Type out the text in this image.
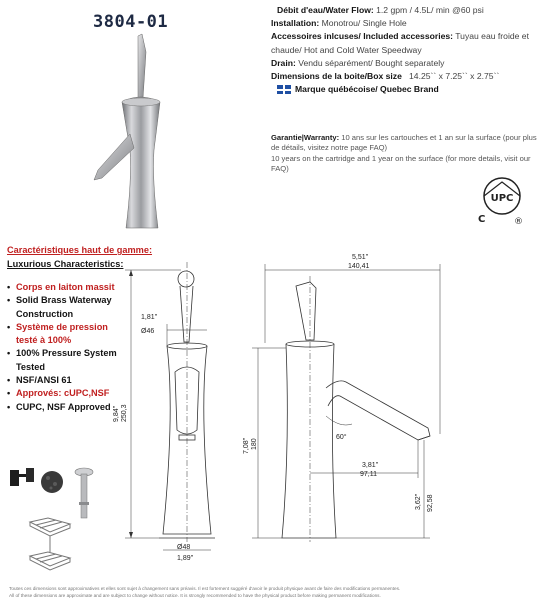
3804-01
Débit d'eau/Water Flow: 1.2 gpm / 4.5L/ min @60 psi
Installation: Monotrou/ Single Hole
Accessoires inlcuses/ Included accessories: Tuyau eau froide et chaude/ Hot and Cold Water Speedway
Drain: Vendu séparément/ Bought separately
Dimensions de la boite/Box size 14.25`` x 7.25`` x 2.75``
Marque québécoise/ Quebec Brand
Garantie|Warranty: 10 ans sur les cartouches et 1 an sur la surface (pour plus de détails, visitez notre page FAQ)
10 years on the cartridge and 1 year on the surface (for more details, visit our FAQ)
UPC
C	®
Caractéristiques haut de gamme:
Luxurious Characteristics:
• Corps en laiton massit
• Solid Brass Waterway Construction
• Système de pression testé à 100%
• 100% Pressure System Tested
• NSF/ANSI 61
• Approvés: cUPC,NSF
• CUPC, NSF Approved
1,81''
Ø46
9,84'' 250,3
Ø48
1,89''
5,51''
140,41
60°
7,08'' 180
3,81''
97,11
3,62'' 92,58
Toutes ces dimensions sont approximatives et elles sont sujet à changement sans préavis. Il est fortement suggéré d'avoir le produit physique avant de faire des modifications permanentes.
All of these dimensions are approximate and are subject to change without notice. It is strongly recommended to have the physical product before making permanent modifications.
